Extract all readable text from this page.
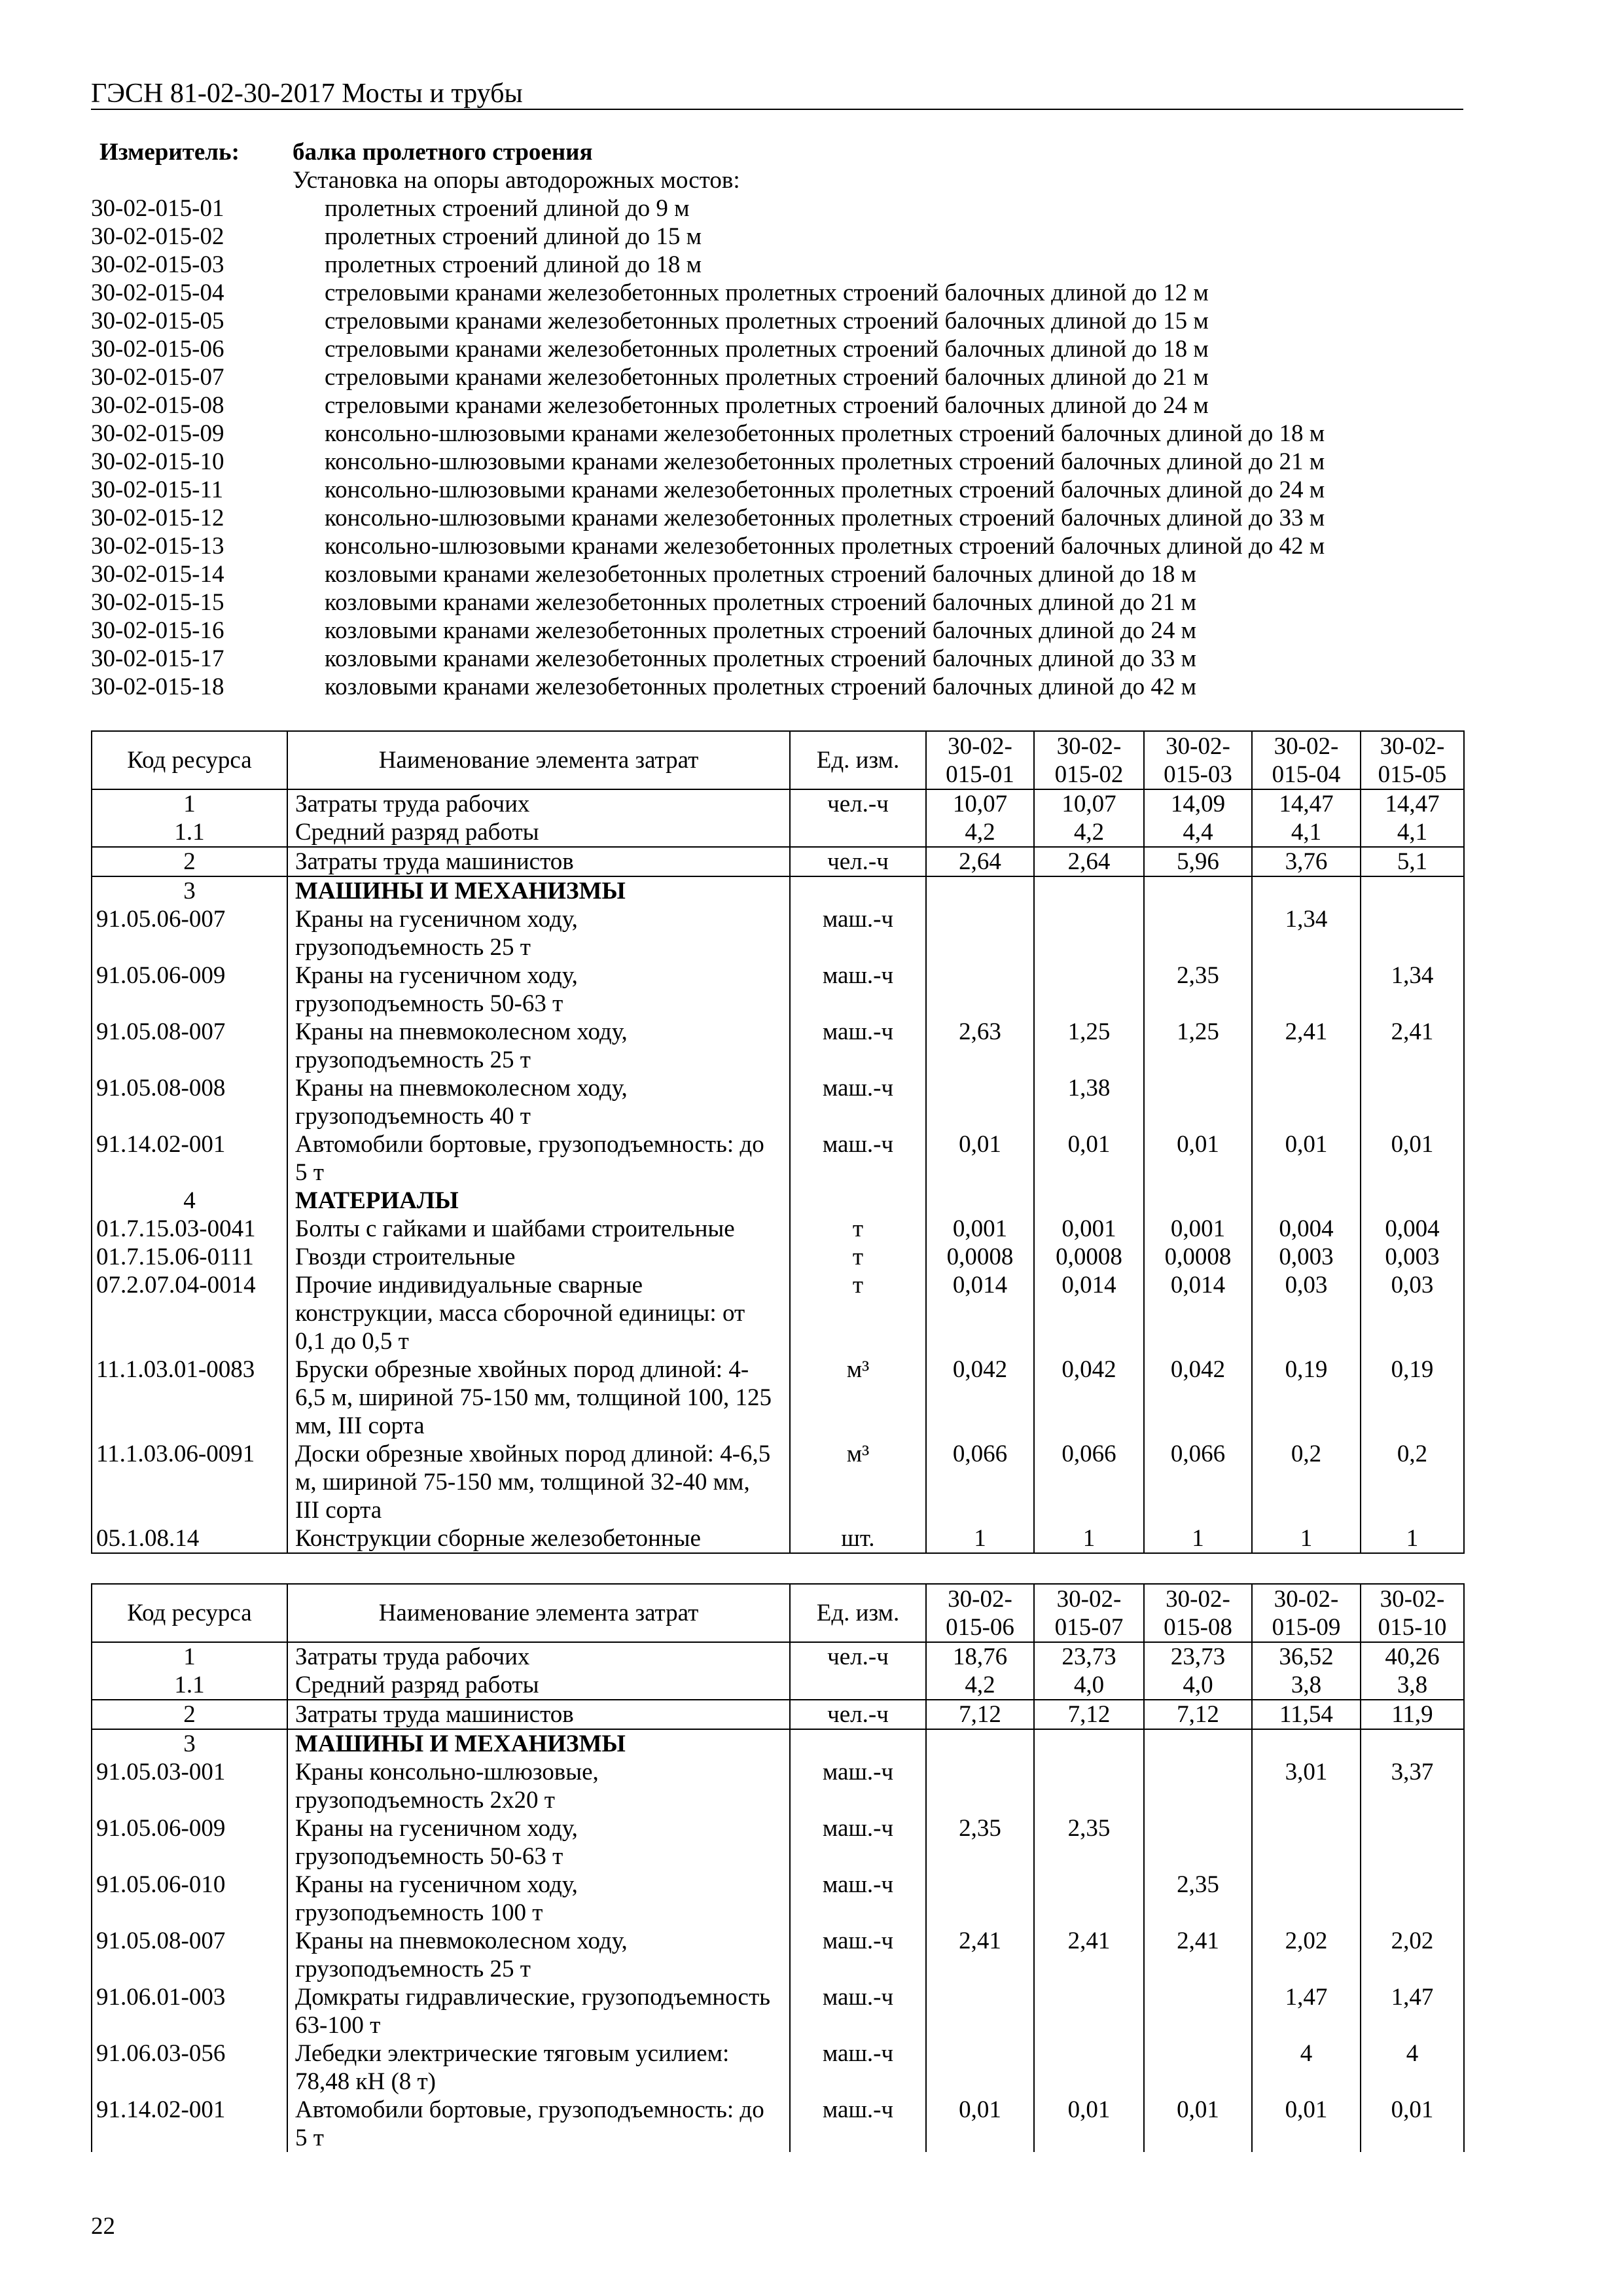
ГЭСН 81-02-30-2017 Мосты и трубы
Измеритель: балка пролетного строения
Установка на опоры автодорожных мостов:
30-02-015-01	пролетных строений длиной до 9 м
30-02-015-02	пролетных строений длиной до 15 м
30-02-015-03	пролетных строений длиной до 18 м
30-02-015-04	стреловыми кранами железобетонных пролетных строений балочных длиной до 12 м
30-02-015-05	стреловыми кранами железобетонных пролетных строений балочных длиной до 15 м
30-02-015-06	стреловыми кранами железобетонных пролетных строений балочных длиной до 18 м
30-02-015-07	стреловыми кранами железобетонных пролетных строений балочных длиной до 21 м
30-02-015-08	стреловыми кранами железобетонных пролетных строений балочных длиной до 24 м
30-02-015-09	консольно-шлюзовыми кранами железобетонных пролетных строений балочных длиной до 18 м
30-02-015-10	консольно-шлюзовыми кранами железобетонных пролетных строений балочных длиной до 21 м
30-02-015-11	консольно-шлюзовыми кранами железобетонных пролетных строений балочных длиной до 24 м
30-02-015-12	консольно-шлюзовыми кранами железобетонных пролетных строений балочных длиной до 33 м
30-02-015-13	консольно-шлюзовыми кранами железобетонных пролетных строений балочных длиной до 42 м
30-02-015-14	козловыми кранами железобетонных пролетных строений балочных длиной до 18 м
30-02-015-15	козловыми кранами железобетонных пролетных строений балочных длиной до 21 м
30-02-015-16	козловыми кранами железобетонных пролетных строений балочных длиной до 24 м
30-02-015-17	козловыми кранами железобетонных пролетных строений балочных длиной до 33 м
30-02-015-18	козловыми кранами железобетонных пролетных строений балочных длиной до 42 м
Код ресурса	Наименование элемента затрат	Ед. изм.	30-02-
015-01	30-02-
015-02	30-02-
015-03	30-02-
015-04	30-02-
015-05
1	Затраты труда рабочих	чел.-ч	10,07	10,07	14,09	14,47	14,47
1.1	Средний разряд работы		4,2	4,2	4,4	4,1	4,1
2	Затраты труда машинистов	чел.-ч	2,64	2,64	5,96	3,76	5,1
3	МАШИНЫ И МЕХАНИЗМЫ						
91.05.06-007	Краны на гусеничном ходу,
грузоподъемность 25 т	маш.-ч				1,34	
91.05.06-009	Краны на гусеничном ходу,
грузоподъемность 50-63 т	маш.-ч			2,35		1,34
91.05.08-007	Краны на пневмоколесном ходу,
грузоподъемность 25 т	маш.-ч	2,63	1,25	1,25	2,41	2,41
91.05.08-008	Краны на пневмоколесном ходу,
грузоподъемность 40 т	маш.-ч		1,38			
91.14.02-001	Автомобили бортовые, грузоподъемность: до
5 т	маш.-ч	0,01	0,01	0,01	0,01	0,01
4	МАТЕРИАЛЫ						
01.7.15.03-0041	Болты с гайками и шайбами строительные	т	0,001	0,001	0,001	0,004	0,004
01.7.15.06-0111	Гвозди строительные	т	0,0008	0,0008	0,0008	0,003	0,003
07.2.07.04-0014	Прочие индивидуальные сварные
конструкции, масса сборочной единицы: от
0,1 до 0,5 т	т	0,014	0,014	0,014	0,03	0,03
11.1.03.01-0083	Бруски обрезные хвойных пород длиной: 4-
6,5 м, шириной 75-150 мм, толщиной 100, 125
мм, III сорта	м³	0,042	0,042	0,042	0,19	0,19
11.1.03.06-0091	Доски обрезные хвойных пород длиной: 4-6,5
м, шириной 75-150 мм, толщиной 32-40 мм,
III сорта	м³	0,066	0,066	0,066	0,2	0,2
05.1.08.14	Конструкции сборные железобетонные	шт.	1	1	1	1	1
Код ресурса	Наименование элемента затрат	Ед. изм.	30-02-
015-06	30-02-
015-07	30-02-
015-08	30-02-
015-09	30-02-
015-10
1	Затраты труда рабочих	чел.-ч	18,76	23,73	23,73	36,52	40,26
1.1	Средний разряд работы		4,2	4,0	4,0	3,8	3,8
2	Затраты труда машинистов	чел.-ч	7,12	7,12	7,12	11,54	11,9
3	МАШИНЫ И МЕХАНИЗМЫ						
91.05.03-001	Краны консольно-шлюзовые,
грузоподъемность 2х20 т	маш.-ч				3,01	3,37
91.05.06-009	Краны на гусеничном ходу,
грузоподъемность 50-63 т	маш.-ч	2,35	2,35			
91.05.06-010	Краны на гусеничном ходу,
грузоподъемность 100 т	маш.-ч			2,35		
91.05.08-007	Краны на пневмоколесном ходу,
грузоподъемность 25 т	маш.-ч	2,41	2,41	2,41	2,02	2,02
91.06.01-003	Домкраты гидравлические, грузоподъемность
63-100 т	маш.-ч				1,47	1,47
91.06.03-056	Лебедки электрические тяговым усилием:
78,48 кН (8 т)	маш.-ч				4	4
91.14.02-001	Автомобили бортовые, грузоподъемность: до
5 т	маш.-ч	0,01	0,01	0,01	0,01	0,01
22
